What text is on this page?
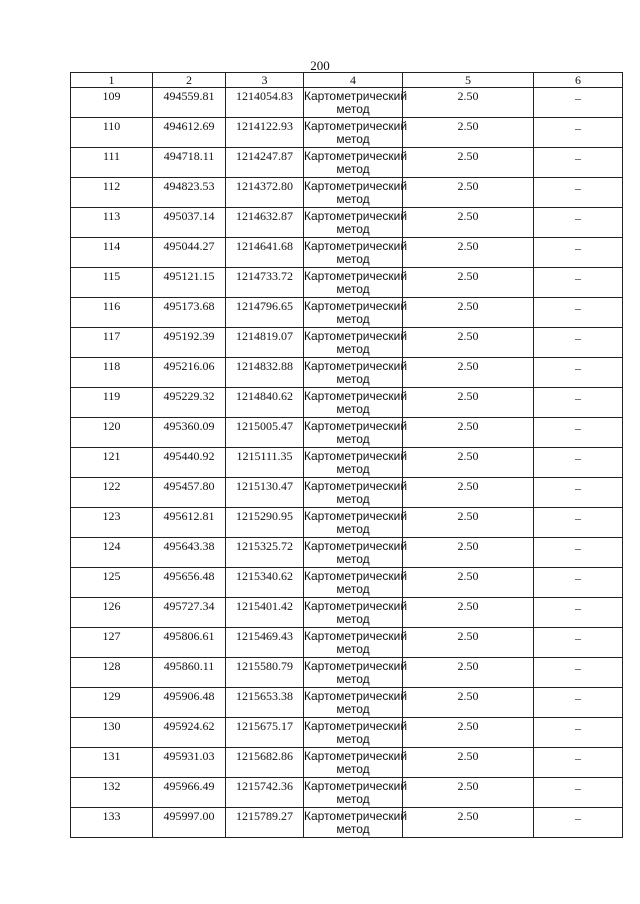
200
1	2	3	4	5	6

109	494559.81	1214054.83	Картометрический метод	2.50	–

110	494612.69	1214122.93	Картометрический метод	2.50	–

111	494718.11	1214247.87	Картометрический метод	2.50	–

112	494823.53	1214372.80	Картометрический метод	2.50	–

113	495037.14	1214632.87	Картометрический метод	2.50	–

114	495044.27	1214641.68	Картометрический метод	2.50	–

115	495121.15	1214733.72	Картометрический метод	2.50	–

116	495173.68	1214796.65	Картометрический метод	2.50	–

117	495192.39	1214819.07	Картометрический метод	2.50	–

118	495216.06	1214832.88	Картометрический метод	2.50	–

119	495229.32	1214840.62	Картометрический метод	2.50	–

120	495360.09	1215005.47	Картометрический метод	2.50	–

121	495440.92	1215111.35	Картометрический метод	2.50	–

122	495457.80	1215130.47	Картометрический метод	2.50	–

123	495612.81	1215290.95	Картометрический метод	2.50	–

124	495643.38	1215325.72	Картометрический метод	2.50	–

125	495656.48	1215340.62	Картометрический метод	2.50	–

126	495727.34	1215401.42	Картометрический метод	2.50	–

127	495806.61	1215469.43	Картометрический метод	2.50	–

128	495860.11	1215580.79	Картометрический метод	2.50	–

129	495906.48	1215653.38	Картометрический метод	2.50	–

130	495924.62	1215675.17	Картометрический метод	2.50	–

131	495931.03	1215682.86	Картометрический метод	2.50	–

132	495966.49	1215742.36	Картометрический метод	2.50	–

133	495997.00	1215789.27	Картометрический метод	2.50	–
